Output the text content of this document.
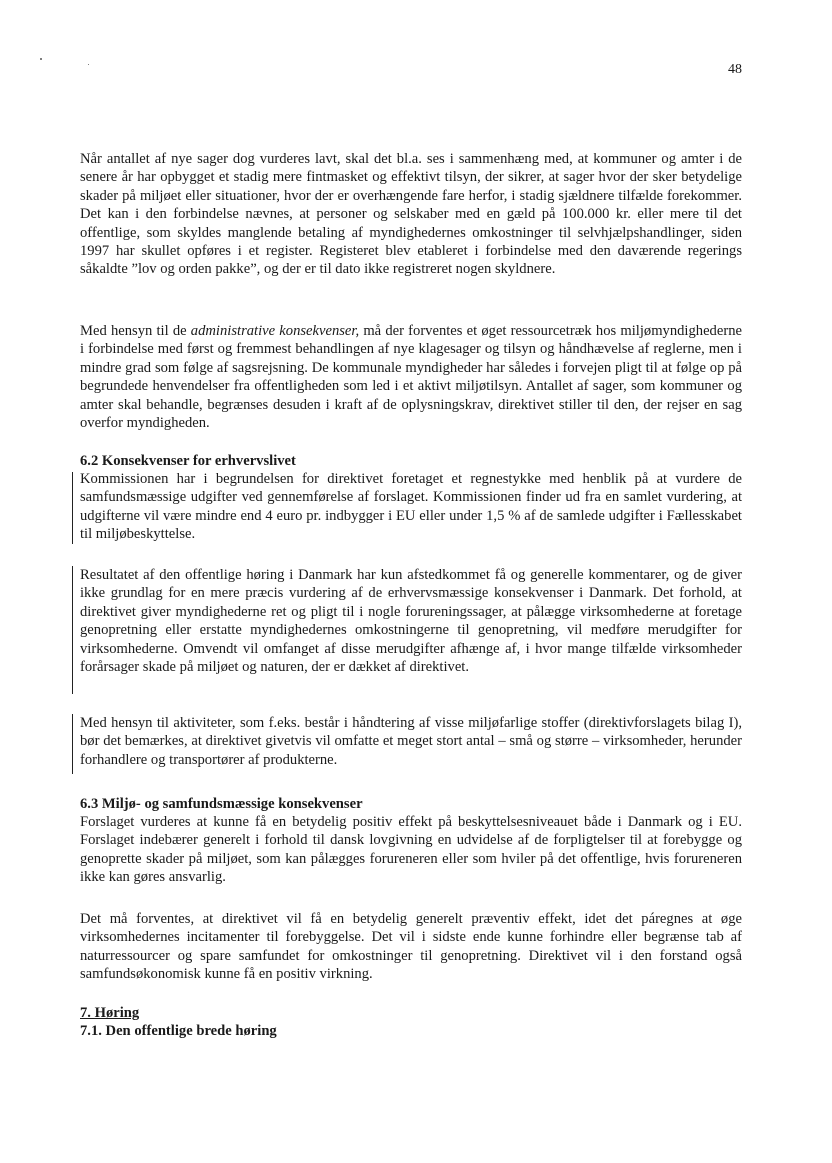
48

Når antallet af nye sager dog vurderes lavt, skal det bl.a. ses i sammenhæng med, at kommuner og amter i de senere år har opbygget et stadig mere fintmasket og effektivt tilsyn, der sikrer, at sager hvor der sker betydelige skader på miljøet eller situationer, hvor der er overhængende fare herfor, i stadig sjældnere tilfælde forekommer. Det kan i den forbindelse nævnes, at personer og selskaber med en gæld på 100.000 kr. eller mere til det offentlige, som skyldes manglende betaling af myndighedernes omkostninger til selvhjælpshandlinger, siden 1997 har skullet opføres i et register. Registeret blev etableret i forbindelse med den daværende regerings såkaldte ”lov og orden pakke”, og der er til dato ikke registreret nogen skyldnere.

Med hensyn til de administrative konsekvenser, må der forventes et øget ressourcetræk hos miljømyndighederne i forbindelse med først og fremmest behandlingen af nye klagesager og tilsyn og håndhævelse af reglerne, men i mindre grad som følge af sagsrejsning. De kommunale myndigheder har således i forvejen pligt til at følge op på begrundede henvendelser fra offentligheden som led i et aktivt miljøtilsyn. Antallet af sager, som kommuner og amter skal behandle, begrænses desuden i kraft af de oplysningskrav, direktivet stiller til den, der rejser en sag overfor myndigheden.

6.2 Konsekvenser for erhvervslivet

Kommissionen har i begrundelsen for direktivet foretaget et regnestykke med henblik på at vurdere de samfundsmæssige udgifter ved gennemførelse af forslaget. Kommissionen finder ud fra en samlet vurdering, at udgifterne vil være mindre end 4 euro pr. indbygger i EU eller under 1,5 % af de samlede udgifter i Fællesskabet til miljøbeskyttelse.

Resultatet af den offentlige høring i Danmark har kun afstedkommet få og generelle kommentarer, og de giver ikke grundlag for en mere præcis vurdering af de erhvervsmæssige konsekvenser i Danmark. Det forhold, at direktivet giver myndighederne ret og pligt til i nogle forureningssager, at pålægge virksomhederne at foretage genopretning eller erstatte myndighedernes omkostningerne til genopretning, vil medføre merudgifter for virksomhederne. Omvendt vil omfanget af disse merudgifter afhænge af, i hvor mange tilfælde virksomheder forårsager skade på miljøet og naturen, der er dækket af direktivet.

Med hensyn til aktiviteter, som f.eks. består i håndtering af visse miljøfarlige stoffer (direktivforslagets bilag I), bør det bemærkes, at direktivet givetvis vil omfatte et meget stort antal – små og større – virksomheder, herunder forhandlere og transportører af produkterne.

6.3 Miljø- og samfundsmæssige konsekvenser

Forslaget vurderes at kunne få en betydelig positiv effekt på beskyttelsesniveauet både i Danmark og i EU. Forslaget indebærer generelt i forhold til dansk lovgivning en udvidelse af de forpligtelser til at forebygge og genoprette skader på miljøet, som kan pålægges forureneren eller som hviler på det offentlige, hvis forureneren ikke kan gøres ansvarlig.

Det må forventes, at direktivet vil få en betydelig generelt præventiv effekt, idet det páregnes at øge virksomhedernes incitamenter til forebyggelse. Det vil i sidste ende kunne forhindre eller begrænse tab af naturressourcer og spare samfundet for omkostninger til genopretning. Direktivet vil i den forstand også samfundsøkonomisk kunne få en positiv virkning.

7. Høring
7.1. Den offentlige brede høring
